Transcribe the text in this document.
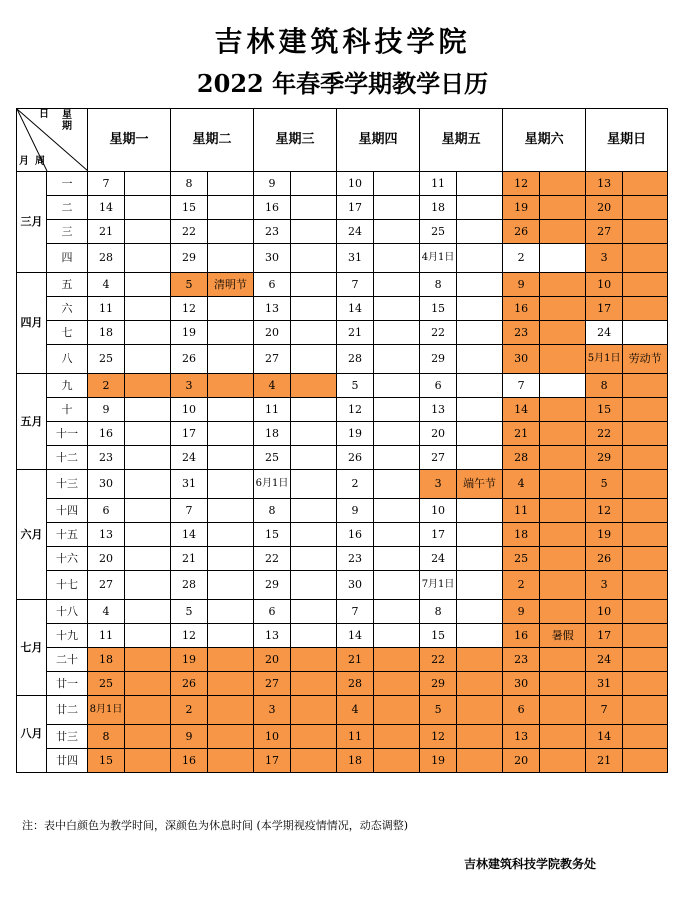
吉林建筑科技学院
2022 年春季学期教学日历
日 星期
月 周		星期一		星期二		星期三		星期四		星期五		星期六		星期日	
三月	一	7		8		9		10		11		12		13	
	二	14		15		16		17		18		19		20	
	三	21		22		23		24		25		26		27	
	四	28		29		30		31		4月1日		2		3	
四月	五	4		5	清明节	6		7		8		9		10	
	六	11		12		13		14		15		16		17	
	七	18		19		20		21		22		23		24	
	八	25		26		27		28		29		30		5月1日	劳动节
五月	九	2		3		4		5		6		7		8	
	十	9		10		11		12		13		14		15	
	十一	16		17		18		19		20		21		22	
	十二	23		24		25		26		27		28		29	
六月	十三	30		31		6月1日		2		3	端午节	4		5	
	十四	6		7		8		9		10		11		12	
	十五	13		14		15		16		17		18		19	
	十六	20		21		22		23		24		25		26	
	十七	27		28		29		30		7月1日		2		3	
七月	十八	4		5		6		7		8		9		10	
	十九	11		12		13		14		15		16	暑假	17	
	二十	18		19		20		21		22		23		24	
	廿一	25		26		27		28		29		30		31	
八月	廿二	8月1日		2		3		4		5		6		7	
	廿三	8		9		10		11		12		13		14	
	廿四	15		16		17		18		19		20		21	
注：表中白颜色为教学时间，深颜色为休息时间 (本学期视疫情情况，动态调整)
吉林建筑科技学院教务处
